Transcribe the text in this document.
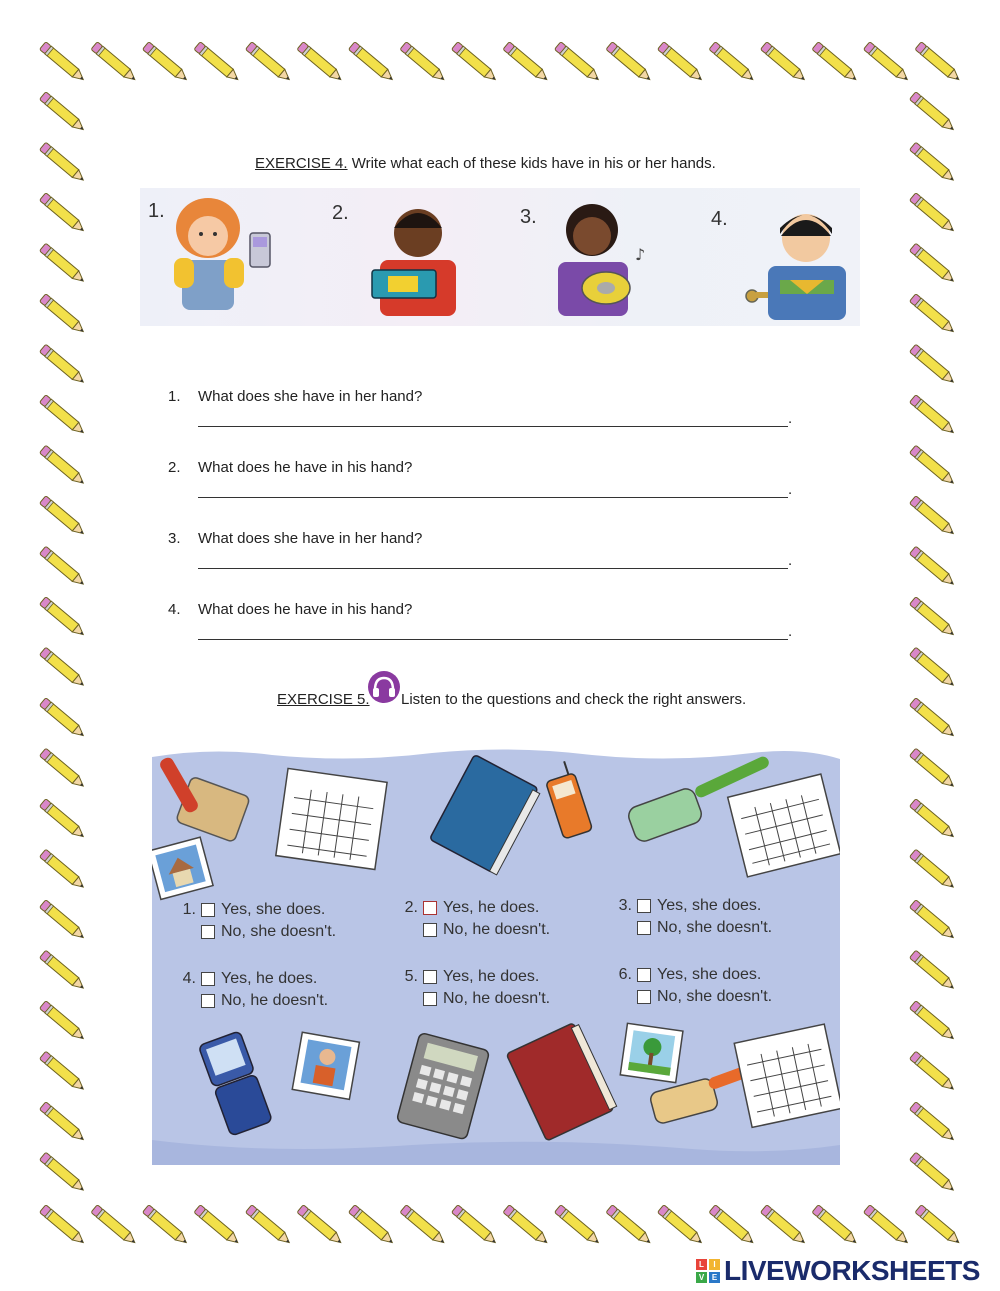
EXERCISE 4. Write what each of these kids have in his or her hands.
1.	2.	3.	4.
♪
1. What does she have in her hand?
.
2. What does he have in his hand?
.
3. What does she have in her hand?
.
4. What does he have in his hand?
.
EXERCISE 5. Listen to the questions and check the right answers.
1. Yes, she does.
No, she doesn't.
2. Yes, he does.
No, he doesn't.
3. Yes, she does.
No, she doesn't.
4. Yes, he does.
No, he doesn't.
5. Yes, he does.
No, he doesn't.
6. Yes, she does.
No, she doesn't.
L	I
V E LIVEWORKSHEETS
